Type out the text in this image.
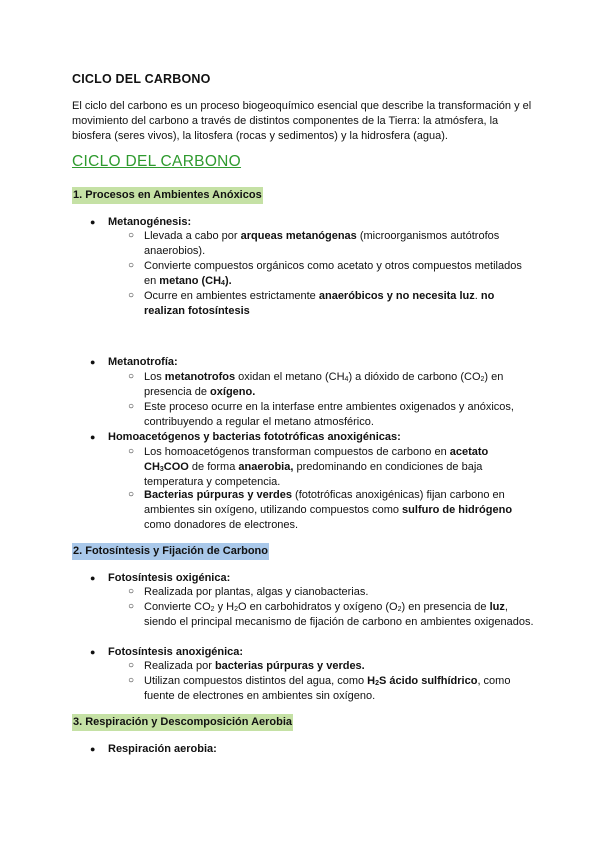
CICLO DEL CARBONO
El ciclo del carbono es un proceso biogeoquímico esencial que describe la transformación y el movimiento del carbono a través de distintos componentes de la Tierra: la atmósfera, la biosfera (seres vivos), la litosfera (rocas y sedimentos) y la hidrosfera (agua).
CICLO DEL CARBONO
1. Procesos en Ambientes Anóxicos
● Metanogénesis:
○ Llevada a cabo por arqueas metanógenas (microorganismos autótrofos anaerobios).
○ Convierte compuestos orgánicos como acetato y otros compuestos metilados en metano $(CH_4)$.
○ Ocurre en ambientes estrictamente anaeróbicos y no necesita luz. no realizan fotosíntesis
● Metanotrofía:
○ Los metanotrofos oxidan el metano $(CH_4)$ a dióxido de carbono $(CO_2)$ en presencia de oxígeno.
○ Este proceso ocurre en la interfase entre ambientes oxigenados y anóxicos, contribuyendo a regular el metano atmosférico.
● Homoacetógenos y bacterias fototróficas anoxigénicas:
○ Los homoacetógenos transforman compuestos de carbono en acetato $CH_3COO$ de forma anaerobia, predominando en condiciones de baja temperatura y competencia.
○ Bacterias púrpuras y verdes (fototróficas anoxigénicas) fijan carbono en ambientes sin oxígeno, utilizando compuestos como sulfuro de hidrógeno como donadores de electrones.
2. Fotosíntesis y Fijación de Carbono
● Fotosíntesis oxigénica:
○ Realizada por plantas, algas y cianobacterias.
○ Convierte $CO_2$ y $H_2O$ en carbohidratos y oxígeno $(O_2)$ en presencia de luz, siendo el principal mecanismo de fijación de carbono en ambientes oxigenados.
● Fotosíntesis anoxigénica:
○ Realizada por bacterias púrpuras y verdes.
○ Utilizan compuestos distintos del agua, como $H_2S$ ácido sulfhídrico, como fuente de electrones en ambientes sin oxígeno.
3. Respiración y Descomposición Aerobia
● Respiración aerobia:
